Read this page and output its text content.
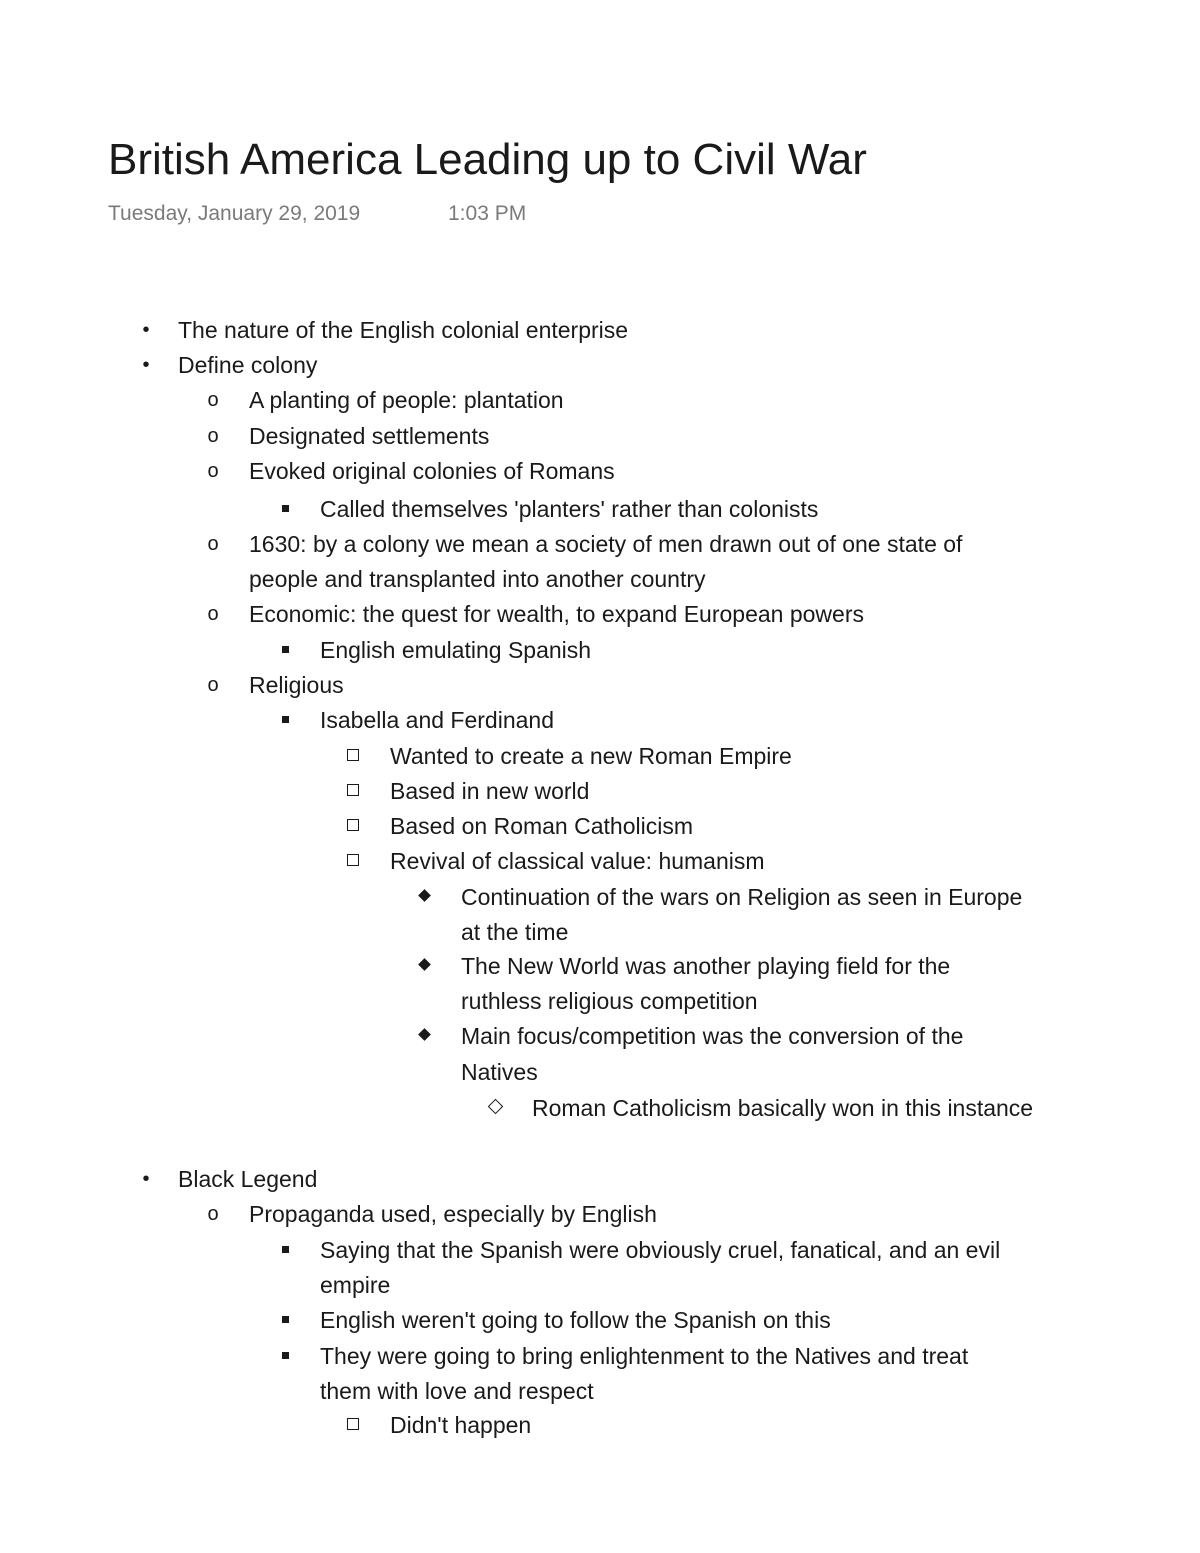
British America Leading up to Civil War
Tuesday, January 29, 2019	1:03 PM
•	The nature of the English colonial enterprise
•	Define colony
o	A planting of people: plantation
o	Designated settlements
o	Evoked original colonies of Romans
Called themselves 'planters' rather than colonists
o	1630: by a colony we mean a society of men drawn out of one state of
people and transplanted into another country
o	Economic: the quest for wealth, to expand European powers
English emulating Spanish
o	Religious
Isabella and Ferdinand
Wanted to create a new Roman Empire
Based in new world
Based on Roman Catholicism
Revival of classical value: humanism
Continuation of the wars on Religion as seen in Europe
at the time
The New World was another playing field for the
ruthless religious competition
Main focus/competition was the conversion of the
Natives
Roman Catholicism basically won in this instance
•	Black Legend
o	Propaganda used, especially by English
Saying that the Spanish were obviously cruel, fanatical, and an evil
empire
English weren't going to follow the Spanish on this
They were going to bring enlightenment to the Natives and treat
them with love and respect
Didn't happen
